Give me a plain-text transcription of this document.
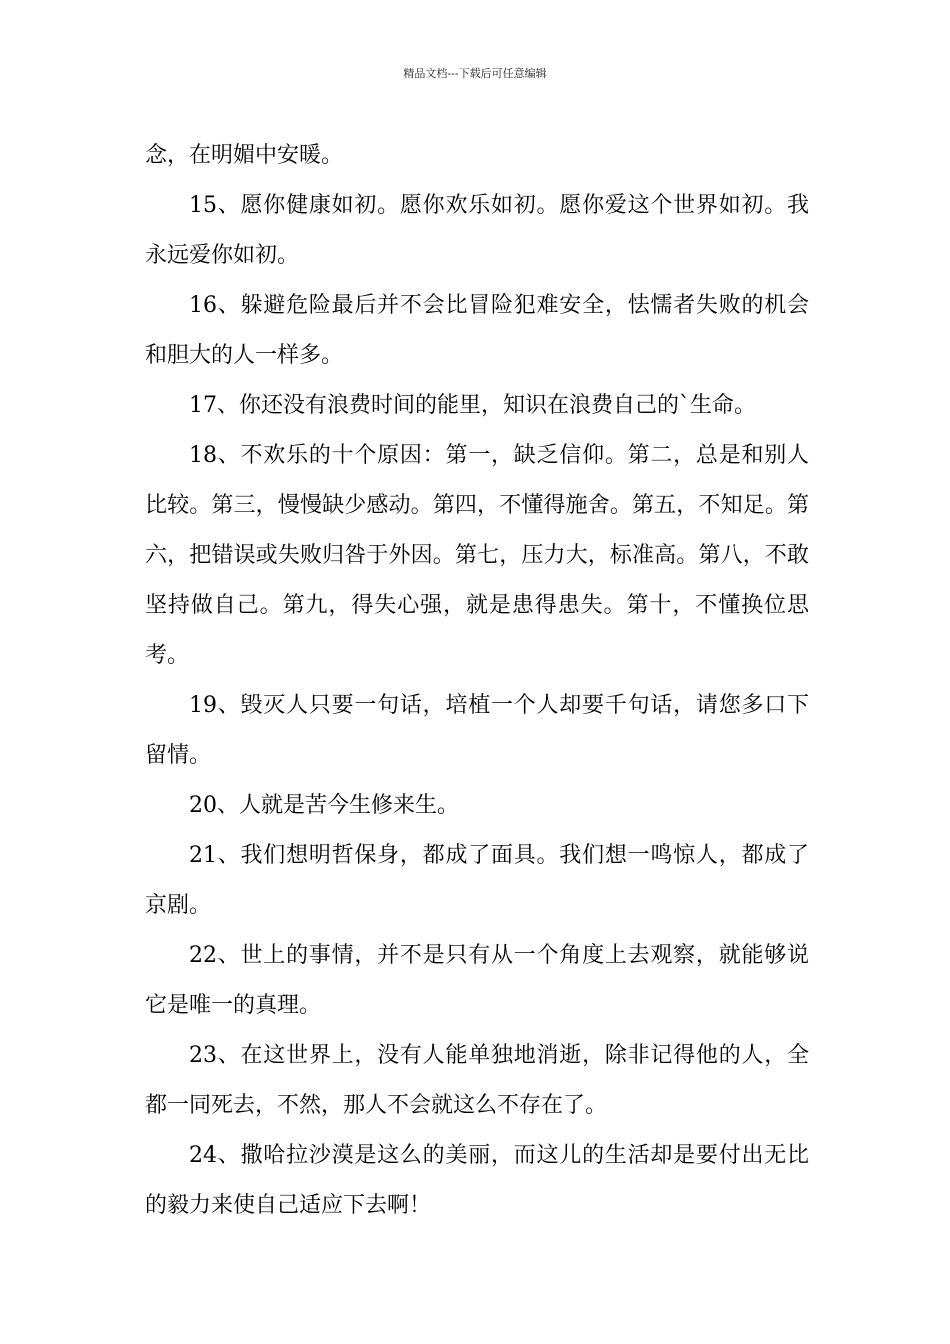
精品文档---下载后可任意编辑

念，在明媚中安暖。

15、愿你健康如初。愿你欢乐如初。愿你爱这个世界如初。我永远爱你如初。

16、躲避危险最后并不会比冒险犯难安全，怯懦者失败的机会和胆大的人一样多。

17、你还没有浪费时间的能里，知识在浪费自己的`生命。

18、不欢乐的十个原因：第一，缺乏信仰。第二，总是和别人比较。第三，慢慢缺少感动。第四，不懂得施舍。第五，不知足。第六，把错误或失败归咎于外因。第七，压力大，标准高。第八，不敢坚持做自己。第九，得失心强，就是患得患失。第十，不懂换位思考。

19、毁灭人只要一句话，培植一个人却要千句话，请您多口下留情。

20、人就是苦今生修来生。

21、我们想明哲保身，都成了面具。我们想一鸣惊人，都成了京剧。

22、世上的事情，并不是只有从一个角度上去观察，就能够说它是唯一的真理。

23、在这世界上，没有人能单独地消逝，除非记得他的人，全都一同死去，不然，那人不会就这么不存在了。

24、撒哈拉沙漠是这么的美丽，而这儿的生活却是要付出无比的毅力来使自己适应下去啊！
